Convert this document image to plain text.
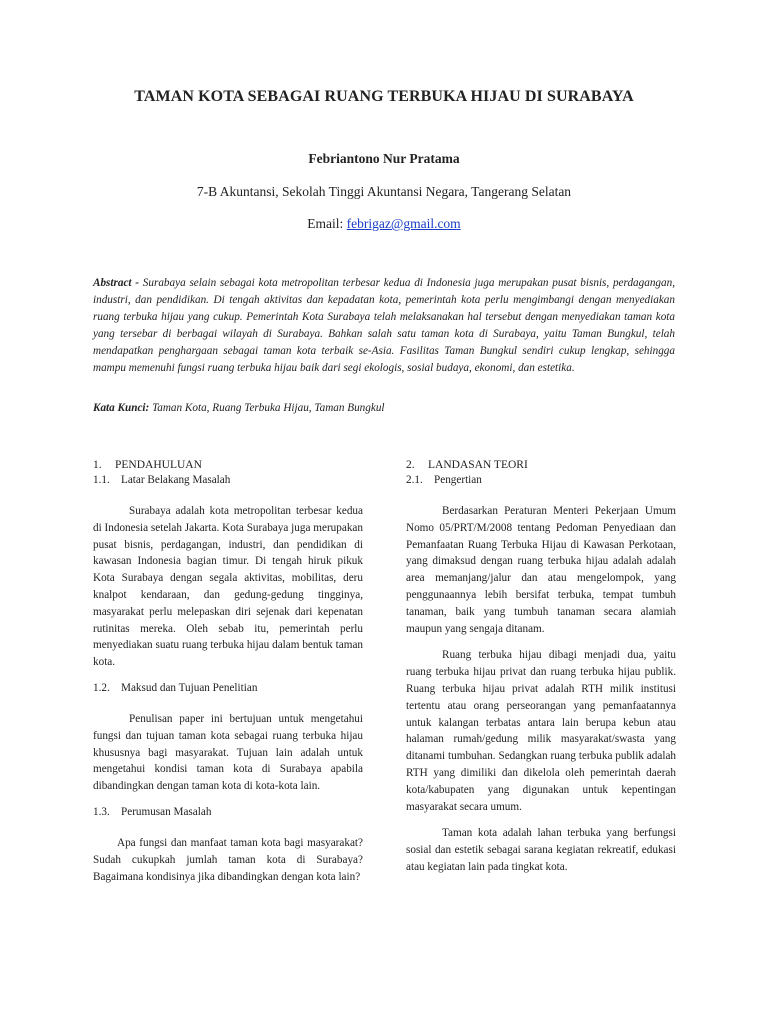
TAMAN KOTA SEBAGAI RUANG TERBUKA HIJAU DI SURABAYA
Febriantono Nur Pratama
7-B Akuntansi, Sekolah Tinggi Akuntansi Negara, Tangerang Selatan
Email: febrigaz@gmail.com

Abstract - Surabaya selain sebagai kota metropolitan terbesar kedua di Indonesia juga merupakan pusat bisnis, perdagangan, industri, dan pendidikan. Di tengah aktivitas dan kepadatan kota, pemerintah kota perlu mengimbangi dengan menyediakan ruang terbuka hijau yang cukup. Pemerintah Kota Surabaya telah melaksanakan hal tersebut dengan menyediakan taman kota yang tersebar di berbagai wilayah di Surabaya. Bahkan salah satu taman kota di Surabaya, yaitu Taman Bungkul, telah mendapatkan penghargaan sebagai taman kota terbaik se-Asia. Fasilitas Taman Bungkul sendiri cukup lengkap, sehingga mampu memenuhi fungsi ruang terbuka hijau baik dari segi ekologis, sosial budaya, ekonomi, dan estetika.

Kata Kunci: Taman Kota, Ruang Terbuka Hijau, Taman Bungkul

1. PENDAHULUAN
1.1. Latar Belakang Masalah

Surabaya adalah kota metropolitan terbesar kedua di Indonesia setelah Jakarta. Kota Surabaya juga merupakan pusat bisnis, perdagangan, industri, dan pendidikan di kawasan Indonesia bagian timur. Di tengah hiruk pikuk Kota Surabaya dengan segala aktivitas, mobilitas, deru knalpot kendaraan, dan gedung-gedung tingginya, masyarakat perlu melepaskan diri sejenak dari kepenatan rutinitas mereka. Oleh sebab itu, pemerintah perlu menyediakan suatu ruang terbuka hijau dalam bentuk taman kota.

1.2. Maksud dan Tujuan Penelitian

Penulisan paper ini bertujuan untuk mengetahui fungsi dan tujuan taman kota sebagai ruang terbuka hijau khususnya bagi masyarakat. Tujuan lain adalah untuk mengetahui kondisi taman kota di Surabaya apabila dibandingkan dengan taman kota di kota-kota lain.

1.3. Perumusan Masalah

Apa fungsi dan manfaat taman kota bagi masyarakat? Sudah cukupkah jumlah taman kota di Surabaya? Bagaimana kondisinya jika dibandingkan dengan kota lain?

2. LANDASAN TEORI
2.1. Pengertian

Berdasarkan Peraturan Menteri Pekerjaan Umum Nomo 05/PRT/M/2008 tentang Pedoman Penyediaan dan Pemanfaatan Ruang Terbuka Hijau di Kawasan Perkotaan, yang dimaksud dengan ruang terbuka hijau adalah adalah area memanjang/jalur dan atau mengelompok, yang penggunaannya lebih bersifat terbuka, tempat tumbuh tanaman, baik yang tumbuh tanaman secara alamiah maupun yang sengaja ditanam.

Ruang terbuka hijau dibagi menjadi dua, yaitu ruang terbuka hijau privat dan ruang terbuka hijau publik. Ruang terbuka hijau privat adalah RTH milik institusi tertentu atau orang perseorangan yang pemanfaatannya untuk kalangan terbatas antara lain berupa kebun atau halaman rumah/gedung milik masyarakat/swasta yang ditanami tumbuhan. Sedangkan ruang terbuka publik adalah RTH yang dimiliki dan dikelola oleh pemerintah daerah kota/kabupaten yang digunakan untuk kepentingan masyarakat secara umum.

Taman kota adalah lahan terbuka yang berfungsi sosial dan estetik sebagai sarana kegiatan rekreatif, edukasi atau kegiatan lain pada tingkat kota.
